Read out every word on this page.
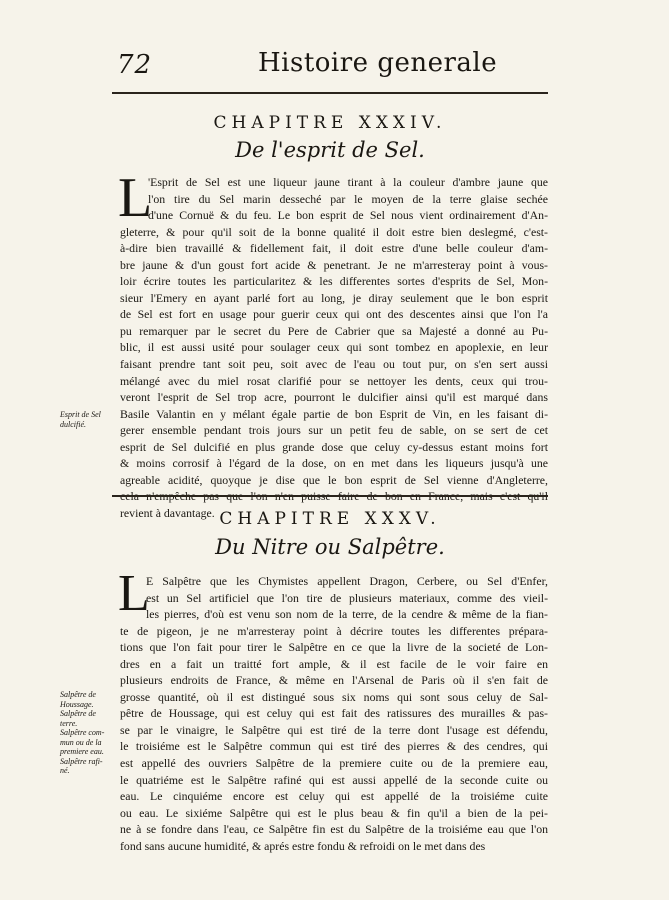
72	Histoire generale
CHAPITRE XXXIV.
De l'esprit de Sel.
L
'Esprit de Sel est une liqueur jaune tirant à la couleur d'ambre jaune que
l'on tire du Sel marin desseché par le moyen de la terre glaise sechée
d'une Cornuë & du feu. Le bon esprit de Sel nous vient ordinairement d'An-
gleterre, & pour qu'il soit de la bonne qualité il doit estre bien deslegmé, c'est-
à-dire bien travaillé & fidellement fait, il doit estre d'une belle couleur d'am-
bre jaune & d'un goust fort acide & penetrant. Je ne m'arresteray point à vous-
loir écrire toutes les particularitez & les differentes sortes d'esprits de Sel, Mon-
sieur l'Emery en ayant parlé fort au long, je diray seulement que le bon esprit
de Sel est fort en usage pour guerir ceux qui ont des descentes ainsi que l'on l'a
pu remarquer par le secret du Pere de Cabrier que sa Majesté a donné au Pu-
blic, il est aussi usité pour soulager ceux qui sont tombez en apoplexie, en leur
faisant prendre tant soit peu, soit avec de l'eau ou tout pur, on s'en sert aussi
mélangé avec du miel rosat clarifié pour se nettoyer les dents, ceux qui trou-
veront l'esprit de Sel trop acre, pourront le dulcifier ainsi qu'il est marqué dans
Basile Valantin en y mélant égale partie de bon Esprit de Vin, en les faisant di-
gerer ensemble pendant trois jours sur un petit feu de sable, on se sert de cet
esprit de Sel dulcifié en plus grande dose que celuy cy-dessus estant moins fort
& moins corrosif à l'égard de la dose, on en met dans les liqueurs jusqu'à une
agreable acidité, quoyque je dise que le bon esprit de Sel vienne d'Angleterre,
revient à davantage.
Esprit de Sel
dulcifié.
CHAPITRE XXXV.
Du Nitre ou Salpêtre.
L
E Salpêtre que les Chymistes appellent Dragon, Cerbere, ou Sel d'Enfer,
est un Sel artificiel que l'on tire de plusieurs materiaux, comme des vieil-
les pierres, d'où est venu son nom de la terre, de la cendre & même de la fian-
te de pigeon, je ne m'arresteray point à décrire toutes les differentes prépara-
tions que l'on fait pour tirer le Salpêtre en ce que la livre de la societé de Lon-
dres en a fait un traitté fort ample, & il est facile de le voir faire en
plusieurs endroits de France, & même en l'Arsenal de Paris où il s'en fait de
grosse quantité, où il est distingué sous six noms qui sont sous celuy de Sal-
pêtre de Houssage, qui est celuy qui est fait des ratissures des murailles & pas-
se par le vinaigre, le Salpêtre qui est tiré de la terre dont l'usage est défendu,
le troisiéme est le Salpêtre commun qui est tiré des pierres & des cendres, qui
est appellé des ouvriers Salpêtre de la premiere cuite ou de la premiere eau,
le quatriéme est le Salpêtre rafiné qui est aussi appellé de la seconde cuite ou
eau. Le cinquiéme encore est celuy qui est appellé de la troisiéme cuite
ou eau. Le sixiéme Salpêtre qui est le plus beau & fin qu'il a bien de la pei-
ne à se fondre dans l'eau, ce Salpêtre fin est du Salpêtre de la troisiéme eau que l'on
fond sans aucune humidité, & aprés estre fondu & refroidi on le met dans des
Salpêtre de
Houssage.
Salpêtre de
terre.
Salpêtre com-
mun ou de la
premiere eau.
Salpêtre rafi-
né.
